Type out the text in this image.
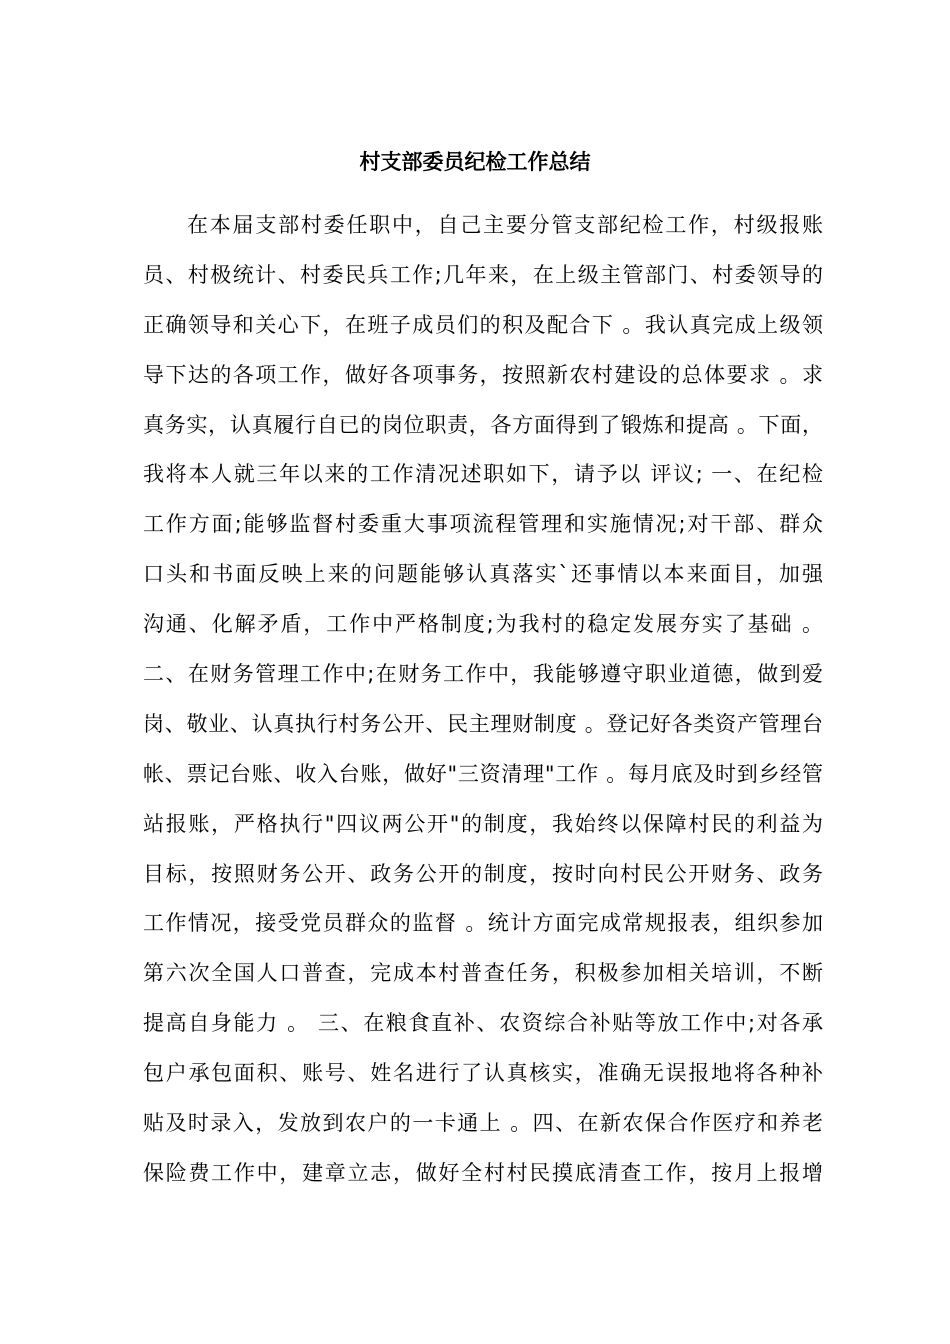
村支部委员纪检工作总结
在本届支部村委任职中，自己主要分管支部纪检工作，村级报账
员、村极统计、村委民兵工作;几年来，在上级主管部门、村委领导的
正确领导和关心下，在班子成员们的积及配合下 。我认真完成上级领
导下达的各项工作，做好各项事务，按照新农村建设的总体要求 。求
真务实，认真履行自已的岗位职责，各方面得到了锻炼和提高 。下面，
我将本人就三年以来的工作清况述职如下，请予以 评议; 一、在纪检
工作方面;能够监督村委重大事项流程管理和实施情况;对干部、群众
口头和书面反映上来的问题能够认真落实`还事情以本来面目，加强
沟通、化解矛盾，工作中严格制度;为我村的稳定发展夯实了基础 。
二、在财务管理工作中;在财务工作中，我能够遵守职业道德，做到爱
岗、敬业、认真执行村务公开、民主理财制度 。登记好各类资产管理台
帐、票记台账、收入台账，做好"三资清理"工作 。每月底及时到乡经管
站报账，严格执行"四议两公开"的制度，我始终以保障村民的利益为
目标，按照财务公开、政务公开的制度，按时向村民公开财务、政务
工作情况，接受党员群众的监督 。统计方面完成常规报表，组织参加
第六次全国人口普查，完成本村普查任务，积极参加相关培训，不断
提高自身能力 。 三、在粮食直补、农资综合补贴等放工作中;对各承
包户承包面积、账号、姓名进行了认真核实，准确无误报地将各种补
贴及时录入，发放到农户的一卡通上 。四、在新农保合作医疗和养老
保险费工作中，建章立志，做好全村村民摸底清查工作，按月上报增
